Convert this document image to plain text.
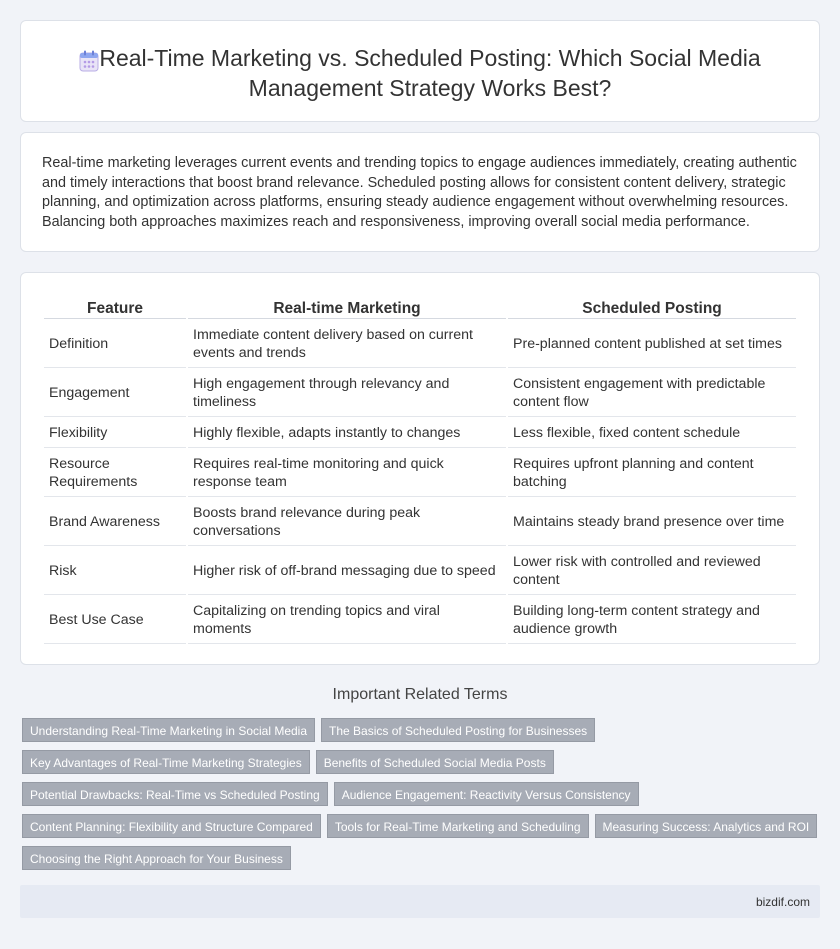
Real-Time Marketing vs. Scheduled Posting: Which Social Media Management Strategy Works Best?

Real-time marketing leverages current events and trending topics to engage audiences immediately, creating authentic and timely interactions that boost brand relevance. Scheduled posting allows for consistent content delivery, strategic planning, and optimization across platforms, ensuring steady audience engagement without overwhelming resources. Balancing both approaches maximizes reach and responsiveness, improving overall social media performance.

Feature	Real-time Marketing	Scheduled Posting
Definition	Immediate content delivery based on current events and trends	Pre-planned content published at set times
Engagement	High engagement through relevancy and timeliness	Consistent engagement with predictable content flow
Flexibility	Highly flexible, adapts instantly to changes	Less flexible, fixed content schedule
Resource Requirements	Requires real-time monitoring and quick response team	Requires upfront planning and content batching
Brand Awareness	Boosts brand relevance during peak conversations	Maintains steady brand presence over time
Risk	Higher risk of off-brand messaging due to speed	Lower risk with controlled and reviewed content
Best Use Case	Capitalizing on trending topics and viral moments	Building long-term content strategy and audience growth
Important Related Terms
Understanding Real-Time Marketing in Social Media	The Basics of Scheduled Posting for Businesses
Key Advantages of Real-Time Marketing Strategies	Benefits of Scheduled Social Media Posts
Potential Drawbacks: Real-Time vs Scheduled Posting	Audience Engagement: Reactivity Versus Consistency
Content Planning: Flexibility and Structure Compared	Tools for Real-Time Marketing and Scheduling	Measuring Success: Analytics and ROI
Choosing the Right Approach for Your Business
bizdif.com
